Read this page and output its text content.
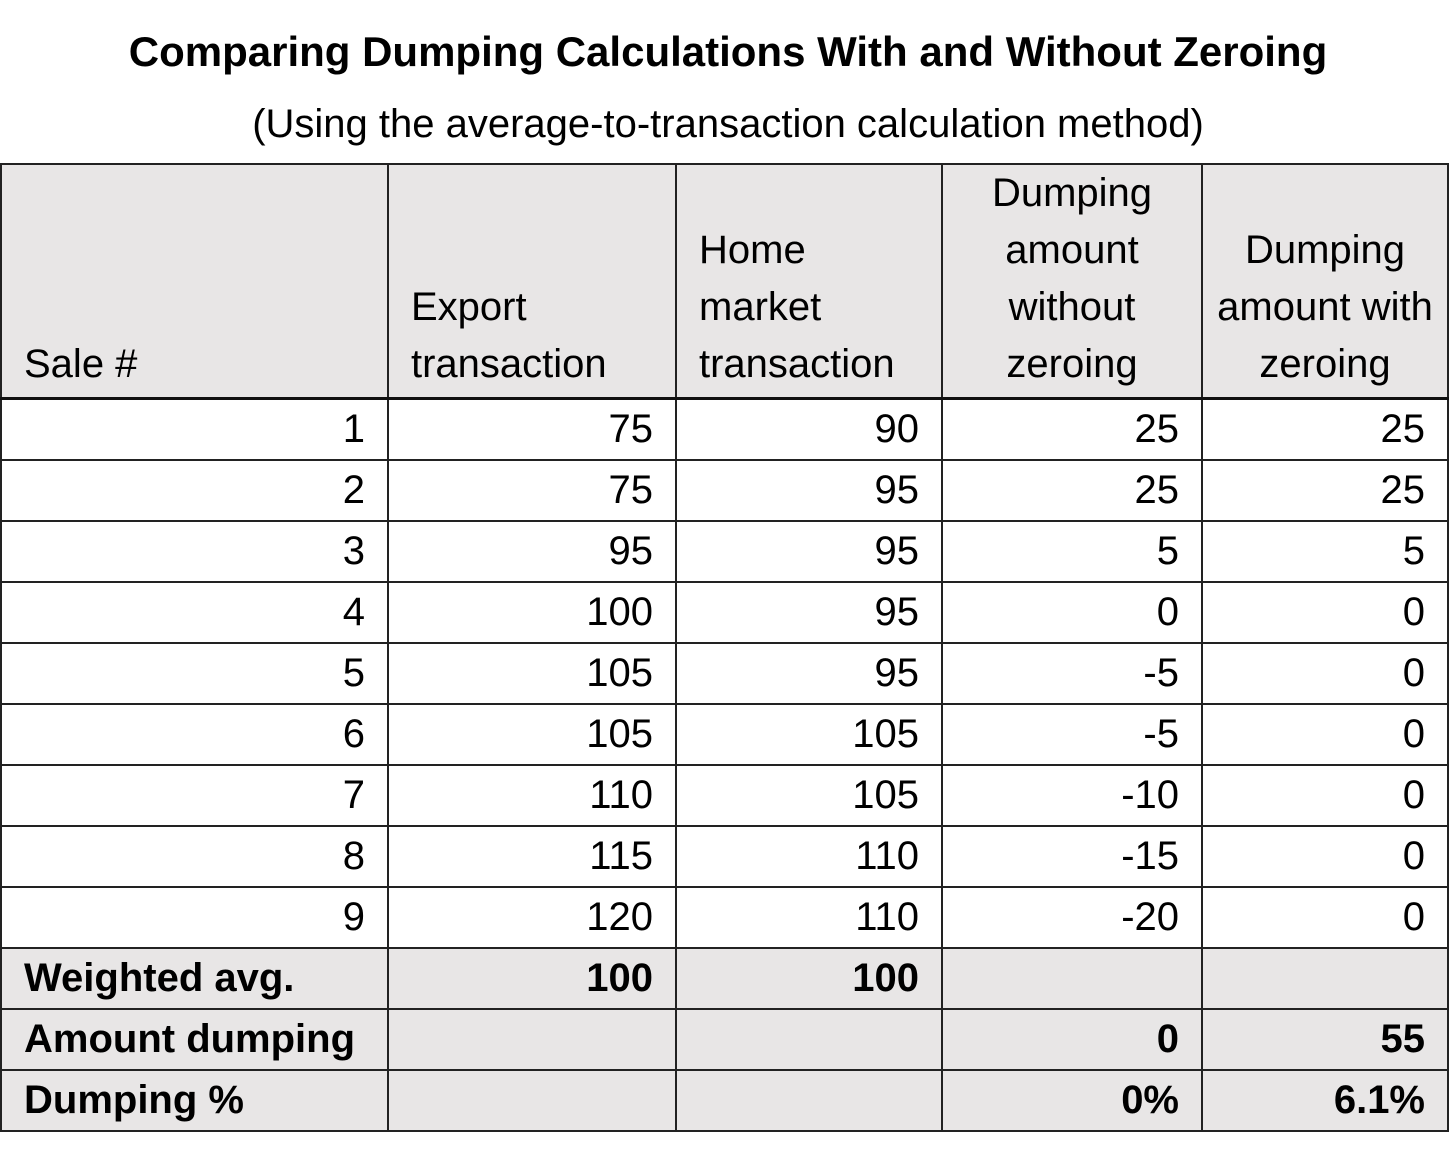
Comparing Dumping Calculations With and Without Zeroing
(Using the average-to-transaction calculation method)
Sale #	Export transaction	Home market transaction	Dumping amount without zeroing	Dumping amount with zeroing
1	75	90	25	25
2	75	95	25	25
3	95	95	5	5
4	100	95	0	0
5	105	95	-5	0
6	105	105	-5	0
7	110	105	-10	0
8	115	110	-15	0
9	120	110	-20	0
Weighted avg.	100	100		
Amount dumping			0	55
Dumping %			0%	6.1%
